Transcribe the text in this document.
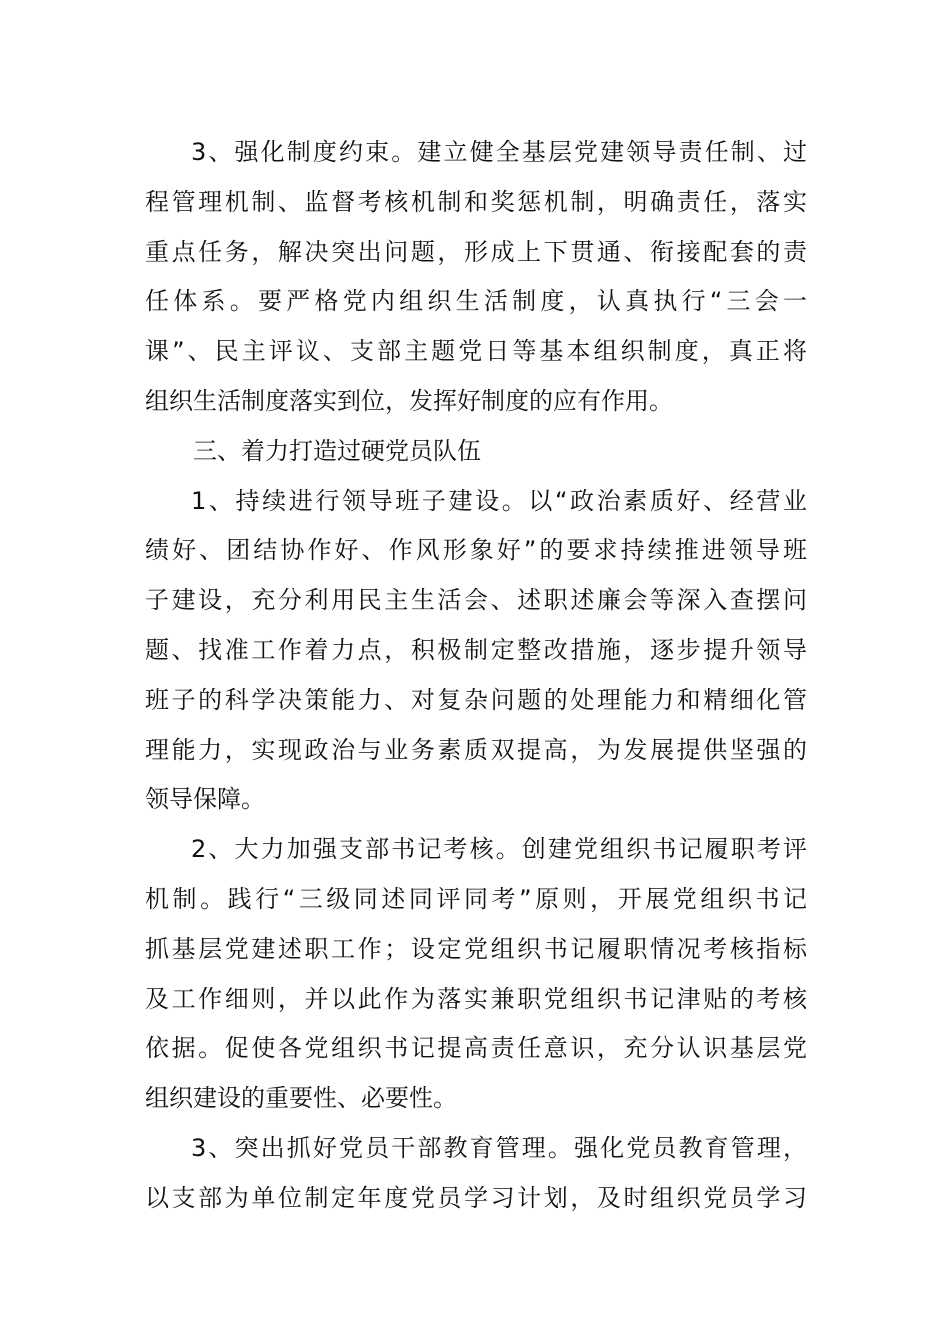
3、强化制度约束。建立健全基层党建领导责任制、过
程管理机制、监督考核机制和奖惩机制，明确责任，落实
重点任务，解决突出问题，形成上下贯通、衔接配套的责
任体系。要严格党内组织生活制度，认真执行“三会一
课”、民主评议、支部主题党日等基本组织制度，真正将
组织生活制度落实到位，发挥好制度的应有作用。
三、着力打造过硬党员队伍
1、持续进行领导班子建设。以“政治素质好、经营业
绩好、团结协作好、作风形象好”的要求持续推进领导班
子建设，充分利用民主生活会、述职述廉会等深入查摆问
题、找准工作着力点，积极制定整改措施，逐步提升领导
班子的科学决策能力、对复杂问题的处理能力和精细化管
理能力，实现政治与业务素质双提高，为发展提供坚强的
领导保障。
2、大力加强支部书记考核。创建党组织书记履职考评
机制。践行“三级同述同评同考”原则，开展党组织书记
抓基层党建述职工作；设定党组织书记履职情况考核指标
及工作细则，并以此作为落实兼职党组织书记津贴的考核
依据。促使各党组织书记提高责任意识，充分认识基层党
组织建设的重要性、必要性。
3、突出抓好党员干部教育管理。强化党员教育管理，
以支部为单位制定年度党员学习计划，及时组织党员学习
